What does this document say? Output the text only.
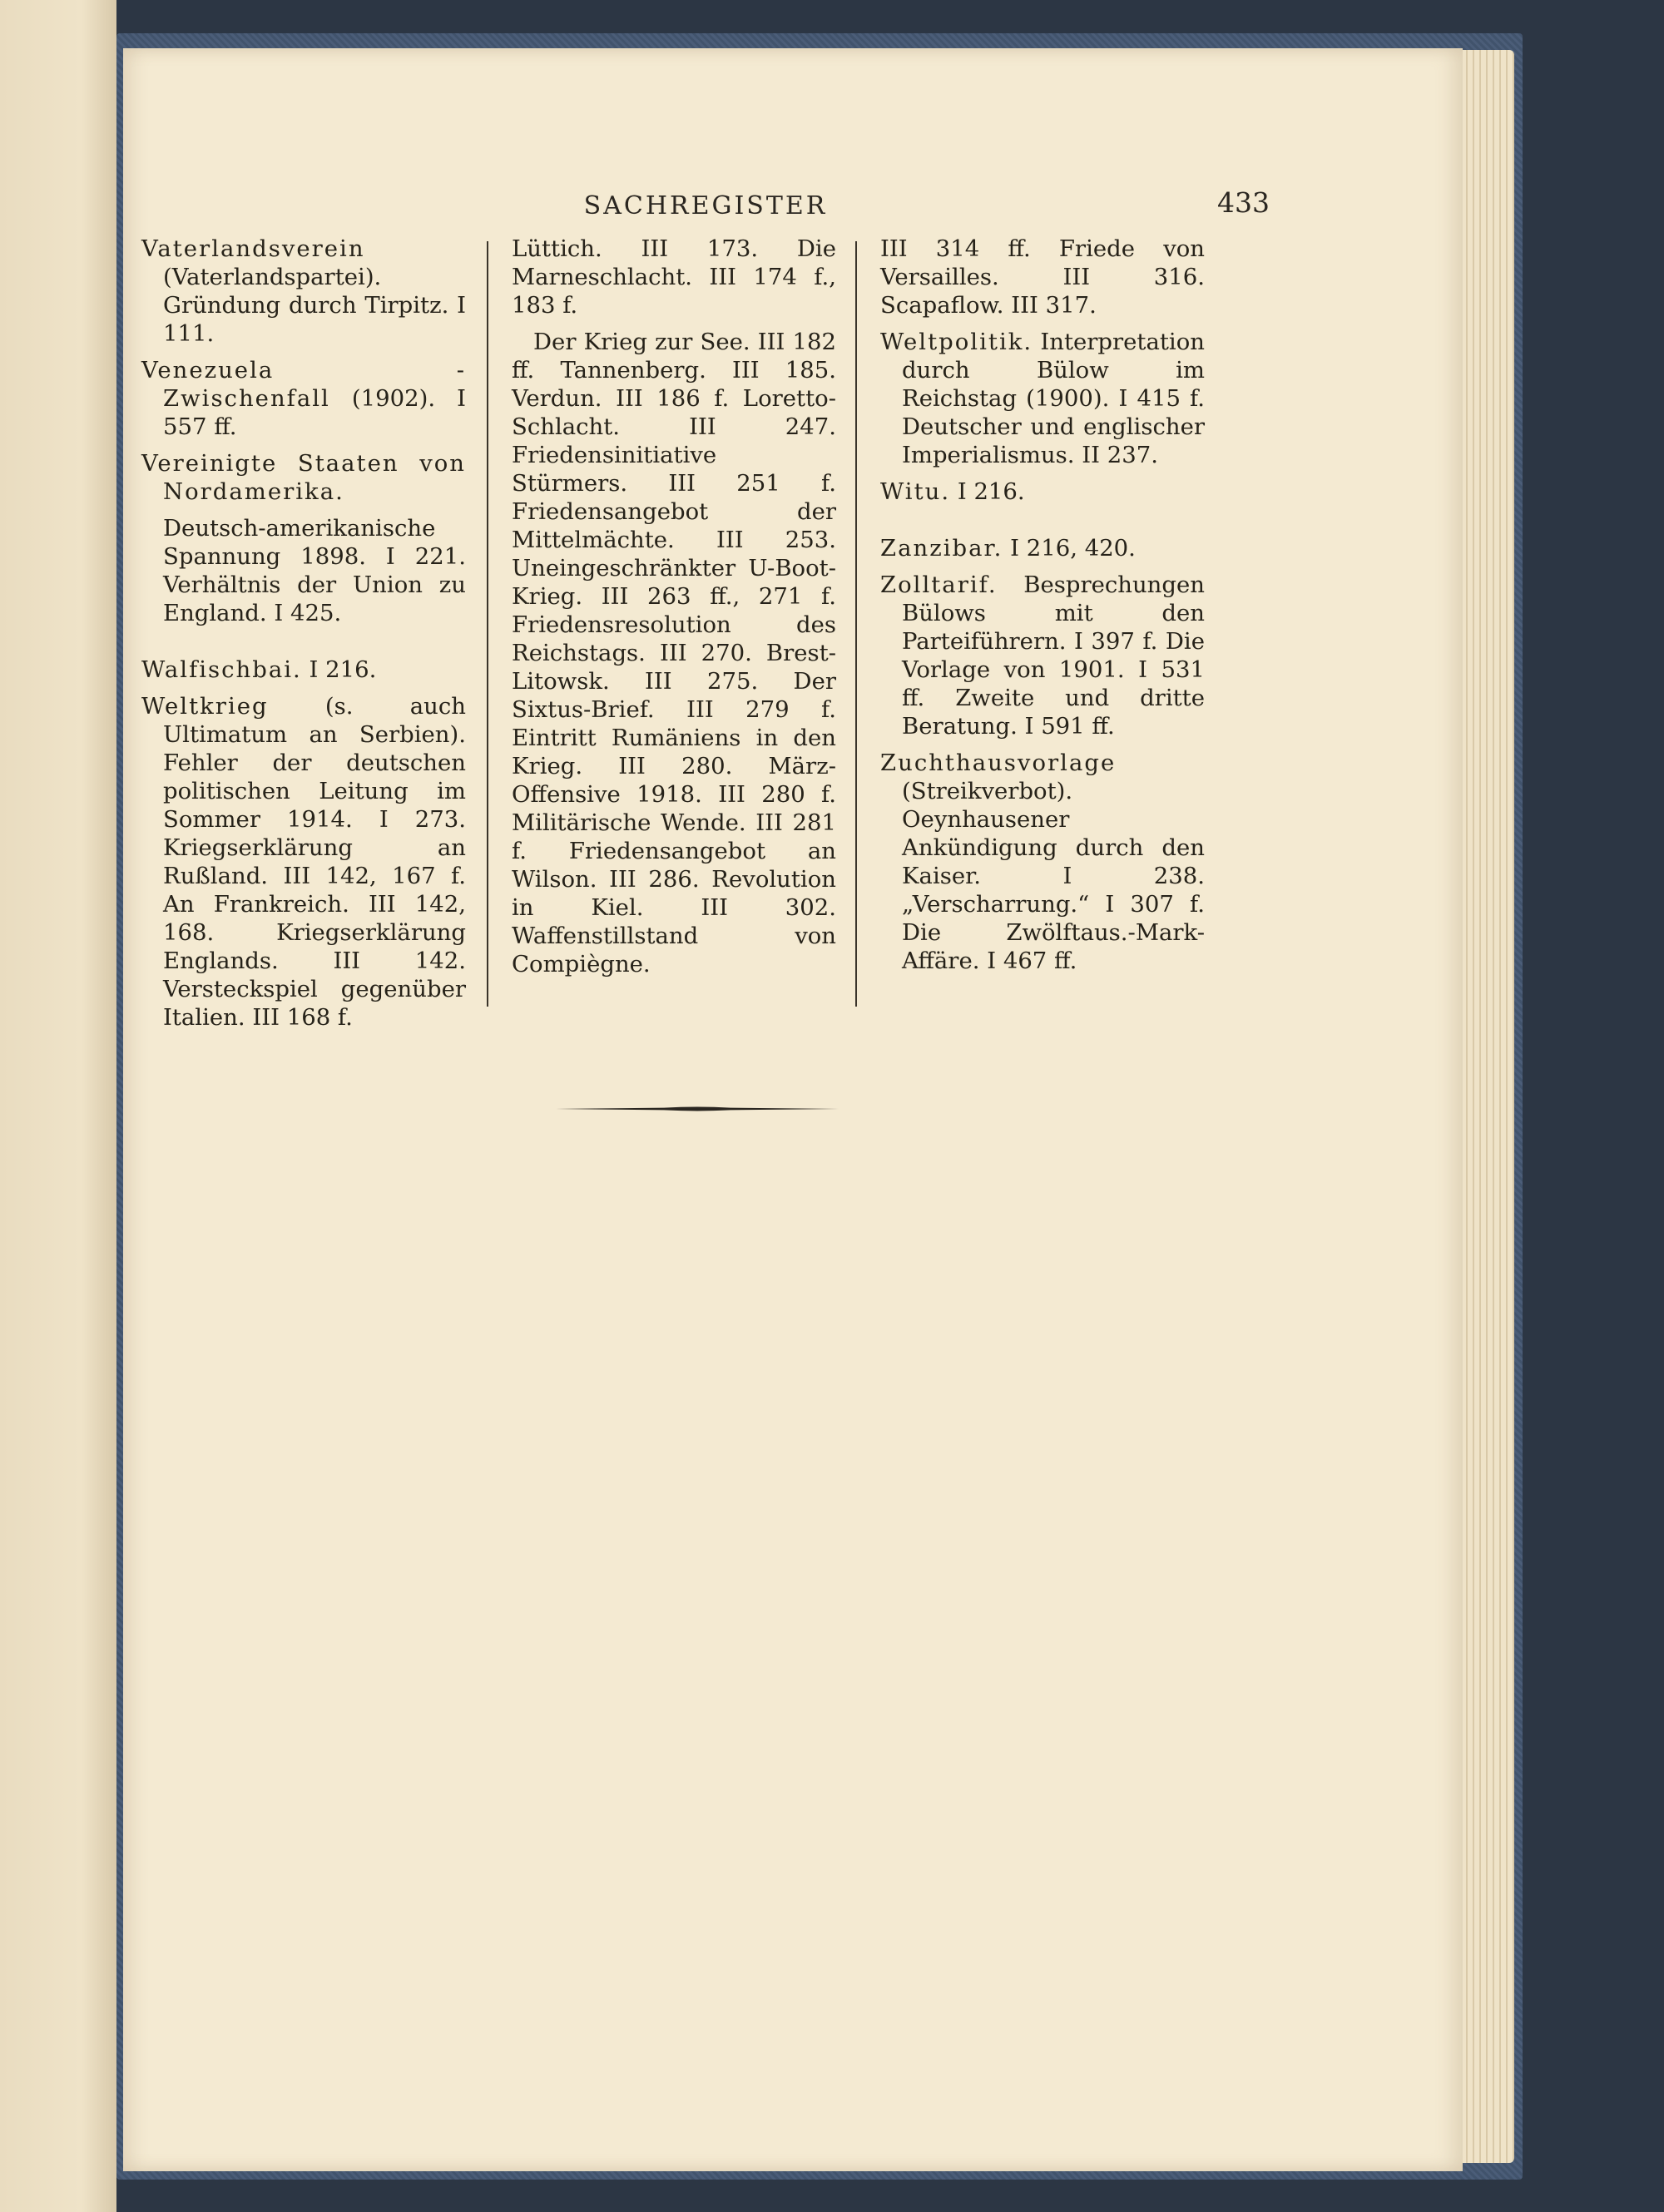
SACHREGISTER	433

Vaterlandsverein (Vaterlandspartei). Gründung durch Tirpitz. I 111.

Venezuela - Zwischenfall (1902). I 557 ff.

Vereinigte Staaten von Nordamerika.

Deutsch-amerikanische Spannung 1898. I 221. Verhältnis der Union zu England. I 425.

Walfischbai. I 216.

Weltkrieg (s. auch Ultimatum an Serbien). Fehler der deutschen politischen Leitung im Sommer 1914. I 273. Kriegserklärung an Rußland. III 142, 167 f. An Frankreich. III 142, 168. Kriegserklärung Englands. III 142. Versteckspiel gegenüber Italien. III 168 f.

Lüttich. III 173. Die Marneschlacht. III 174 f., 183 f.

Der Krieg zur See. III 182 ff. Tannenberg. III 185. Verdun. III 186 f. Loretto-Schlacht. III 247. Friedensinitiative Stürmers. III 251 f. Friedensangebot der Mittelmächte. III 253. Uneingeschränkter U-Boot-Krieg. III 263 ff., 271 f. Friedensresolution des Reichstags. III 270. Brest-Litowsk. III 275. Der Sixtus-Brief. III 279 f. Eintritt Rumäniens in den Krieg. III 280. März-Offensive 1918. III 280 f. Militärische Wende. III 281 f. Friedensangebot an Wilson. III 286. Revolution in Kiel. III 302. Waffenstillstand von Compiègne.

III 314 ff. Friede von Versailles. III 316. Scapaflow. III 317.

Weltpolitik. Interpretation durch Bülow im Reichstag (1900). I 415 f. Deutscher und englischer Imperialismus. II 237.

Witu. I 216.

Zanzibar. I 216, 420.

Zolltarif. Besprechungen Bülows mit den Parteiführern. I 397 f. Die Vorlage von 1901. I 531 ff. Zweite und dritte Beratung. I 591 ff.

Zuchthausvorlage (Streikverbot). Oeynhausener Ankündigung durch den Kaiser. I 238. „Verscharrung.“ I 307 f. Die Zwölftaus.-Mark-Affäre. I 467 ff.
